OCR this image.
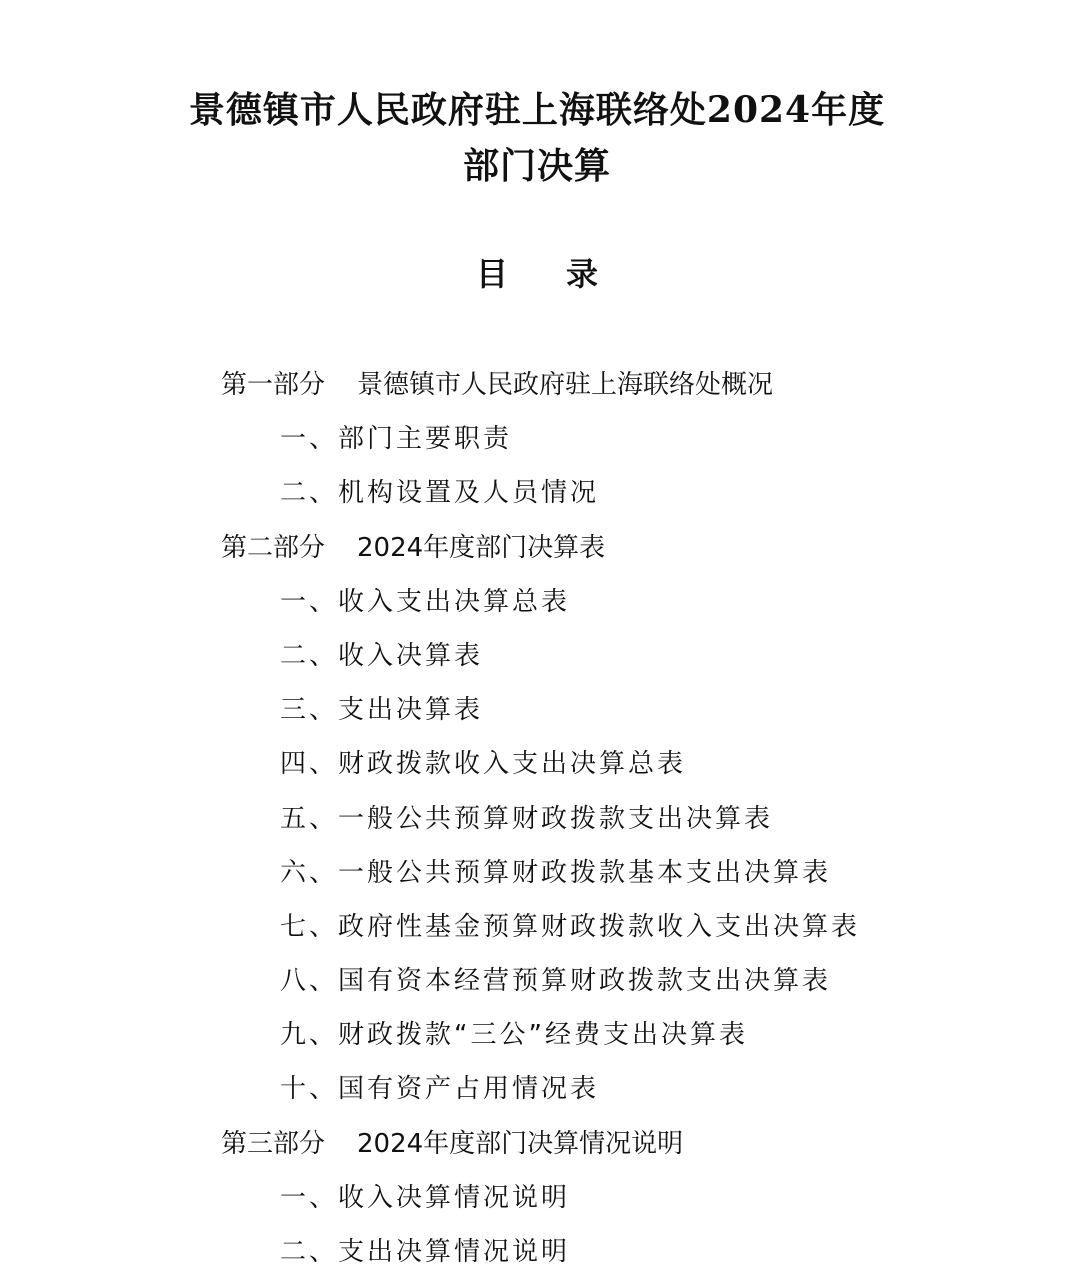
景德镇市人民政府驻上海联络处2024年度
部门决算
目 录
第一部分 景德镇市人民政府驻上海联络处概况
一、部门主要职责
二、机构设置及人员情况
第二部分 2024年度部门决算表
一、收入支出决算总表
二、收入决算表
三、支出决算表
四、财政拨款收入支出决算总表
五、一般公共预算财政拨款支出决算表
六、一般公共预算财政拨款基本支出决算表
七、政府性基金预算财政拨款收入支出决算表
八、国有资本经营预算财政拨款支出决算表
九、财政拨款“三公”经费支出决算表
十、国有资产占用情况表
第三部分 2024年度部门决算情况说明
一、收入决算情况说明
二、支出决算情况说明
